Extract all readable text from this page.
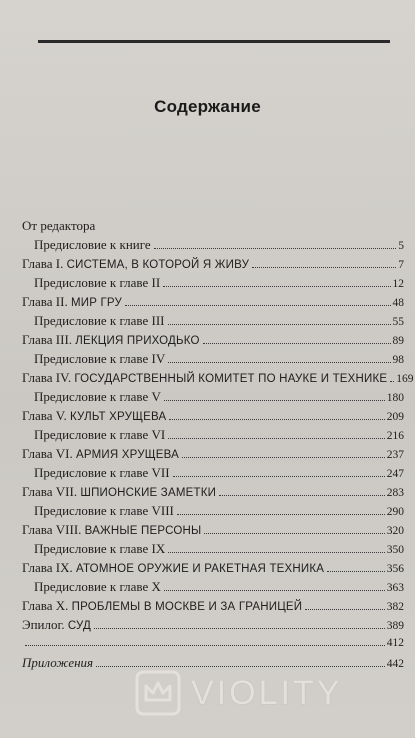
Содержание
От редактора
Предисловие к книге	5
Глава I. СИСТЕМА, В КОТОРОЙ Я ЖИВУ	7
Предисловие к главе II	12
Глава II. МИР ГРУ	48
Предисловие к главе III	55
Глава III. ЛЕКЦИЯ ПРИХОДЬКО	89
Предисловие к главе IV	98
Глава IV. ГОСУДАРСТВЕННЫЙ КОМИТЕТ ПО НАУКЕ И ТЕХНИКЕ 169
Предисловие к главе V	180
Глава V. КУЛЬТ ХРУЩЕВА	209
Предисловие к главе VI	216
Глава VI. АРМИЯ ХРУЩЕВА	237
Предисловие к главе VII	247
Глава VII. ШПИОНСКИЕ ЗАМЕТКИ	283
Предисловие к главе VIII	290
Глава VIII. ВАЖНЫЕ ПЕРСОНЫ	320
Предисловие к главе IX	350
Глава IX. АТОМНОЕ ОРУЖИЕ И РАКЕТНАЯ ТЕХНИКА	356
Предисловие к главе X	363
Глава X. ПРОБЛЕМЫ В МОСКВЕ И ЗА ГРАНИЦЕЙ	382
Эпилог. СУД	389
412
Приложения	442
VIOLITY
